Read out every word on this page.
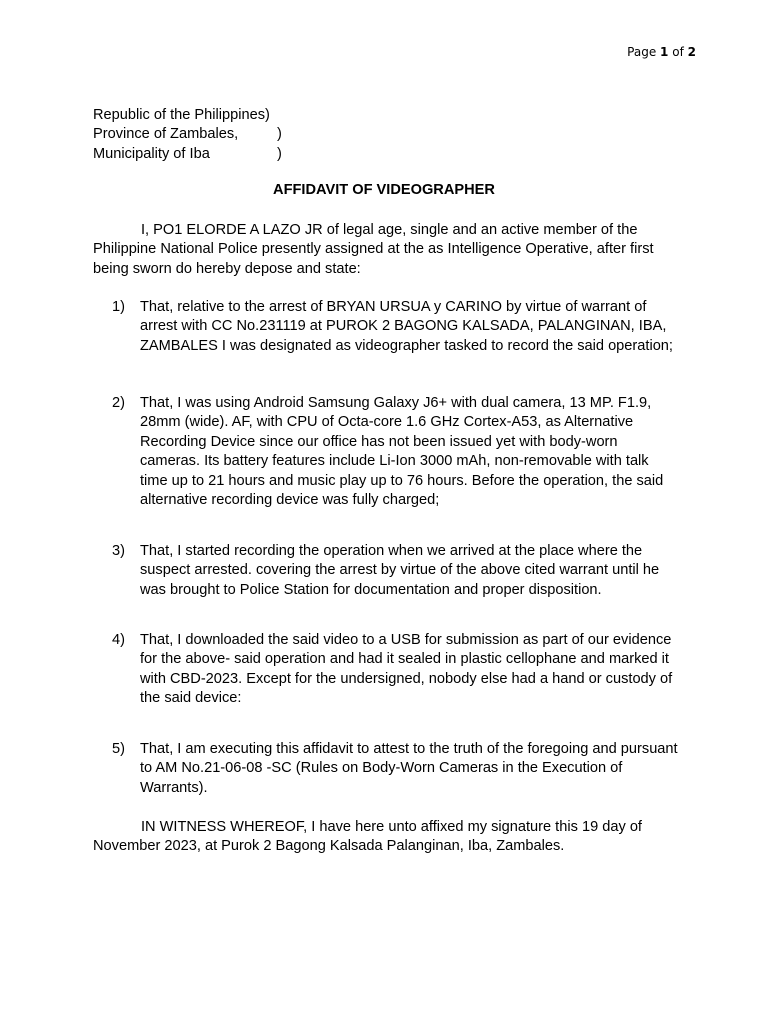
Page 1 of 2
Republic of the Philippines)
Province of Zambales,	)
Municipality of Iba	)
AFFIDAVIT OF VIDEOGRAPHER
I, PO1 ELORDE A LAZO JR of legal age, single and an active member of the Philippine National Police presently assigned at the as Intelligence Operative, after first being sworn do hereby depose and state:
1)	That, relative to the arrest of BRYAN URSUA y CARINO by virtue of warrant of arrest with CC No.231119 at PUROK 2 BAGONG KALSADA, PALANGINAN, IBA, ZAMBALES I was designated as videographer tasked to record the said operation;
2)	That, I was using Android Samsung Galaxy J6+ with dual camera, 13 MP. F1.9, 28mm (wide). AF, with CPU of Octa-core 1.6 GHz Cortex-A53, as Alternative Recording Device since our office has not been issued yet with body-worn cameras. Its battery features include Li-Ion 3000 mAh, non-removable with talk time up to 21 hours and music play up to 76 hours. Before the operation, the said alternative recording device was fully charged;
3)	That, I started recording the operation when we arrived at the place where the suspect arrested. covering the arrest by virtue of the above cited warrant until he was brought to Police Station for documentation and proper disposition.
4)	That, I downloaded the said video to a USB for submission as part of our evidence for the above- said operation and had it sealed in plastic cellophane and marked it with CBD-2023. Except for the undersigned, nobody else had a hand or custody of the said device:
5)	That, I am executing this affidavit to attest to the truth of the foregoing and pursuant to AM No.21-06-08 -SC (Rules on Body-Worn Cameras in the Execution of Warrants).
IN WITNESS WHEREOF, I have here unto affixed my signature this 19 day of November 2023, at Purok 2 Bagong Kalsada Palanginan, Iba, Zambales.
